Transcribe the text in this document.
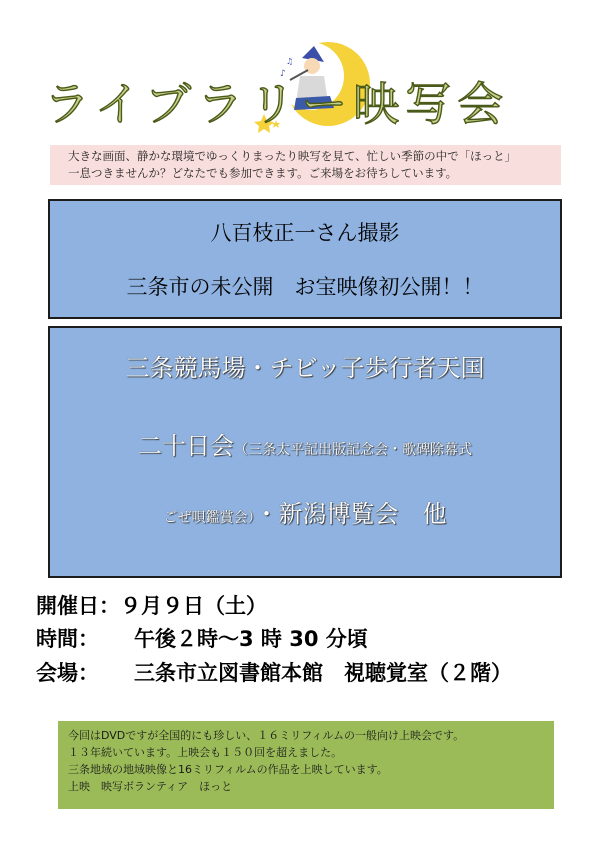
♪
♫
ライブラリー映写会
大きな画面、静かな環境でゆっくりまったり映写を見て、忙しい季節の中で「ほっと」
一息つきませんか？どなたでも参加できます。ご来場をお待ちしています。
八百枝正一さん撮影
三条市の未公開　お宝映像初公開！！
三条競馬場・チビッ子歩行者天国
二十日会（三条太平記出版記念会・歌碑除幕式
ごぜ唄鑑賞会）・新潟博覧会　他
開催日：９月９日（土）
時間： 午後２時～3 時 30 分頃
会場： 三条市立図書館本館　視聴覚室（２階）
今回はDVDですが全国的にも珍しい、１６ミリフィルムの一般向け上映会です。
１３年続いています。上映会も１５０回を超えました。
三条地域の地域映像と16ミリフィルムの作品を上映しています。
上映　映写ボランティア　ほっと
